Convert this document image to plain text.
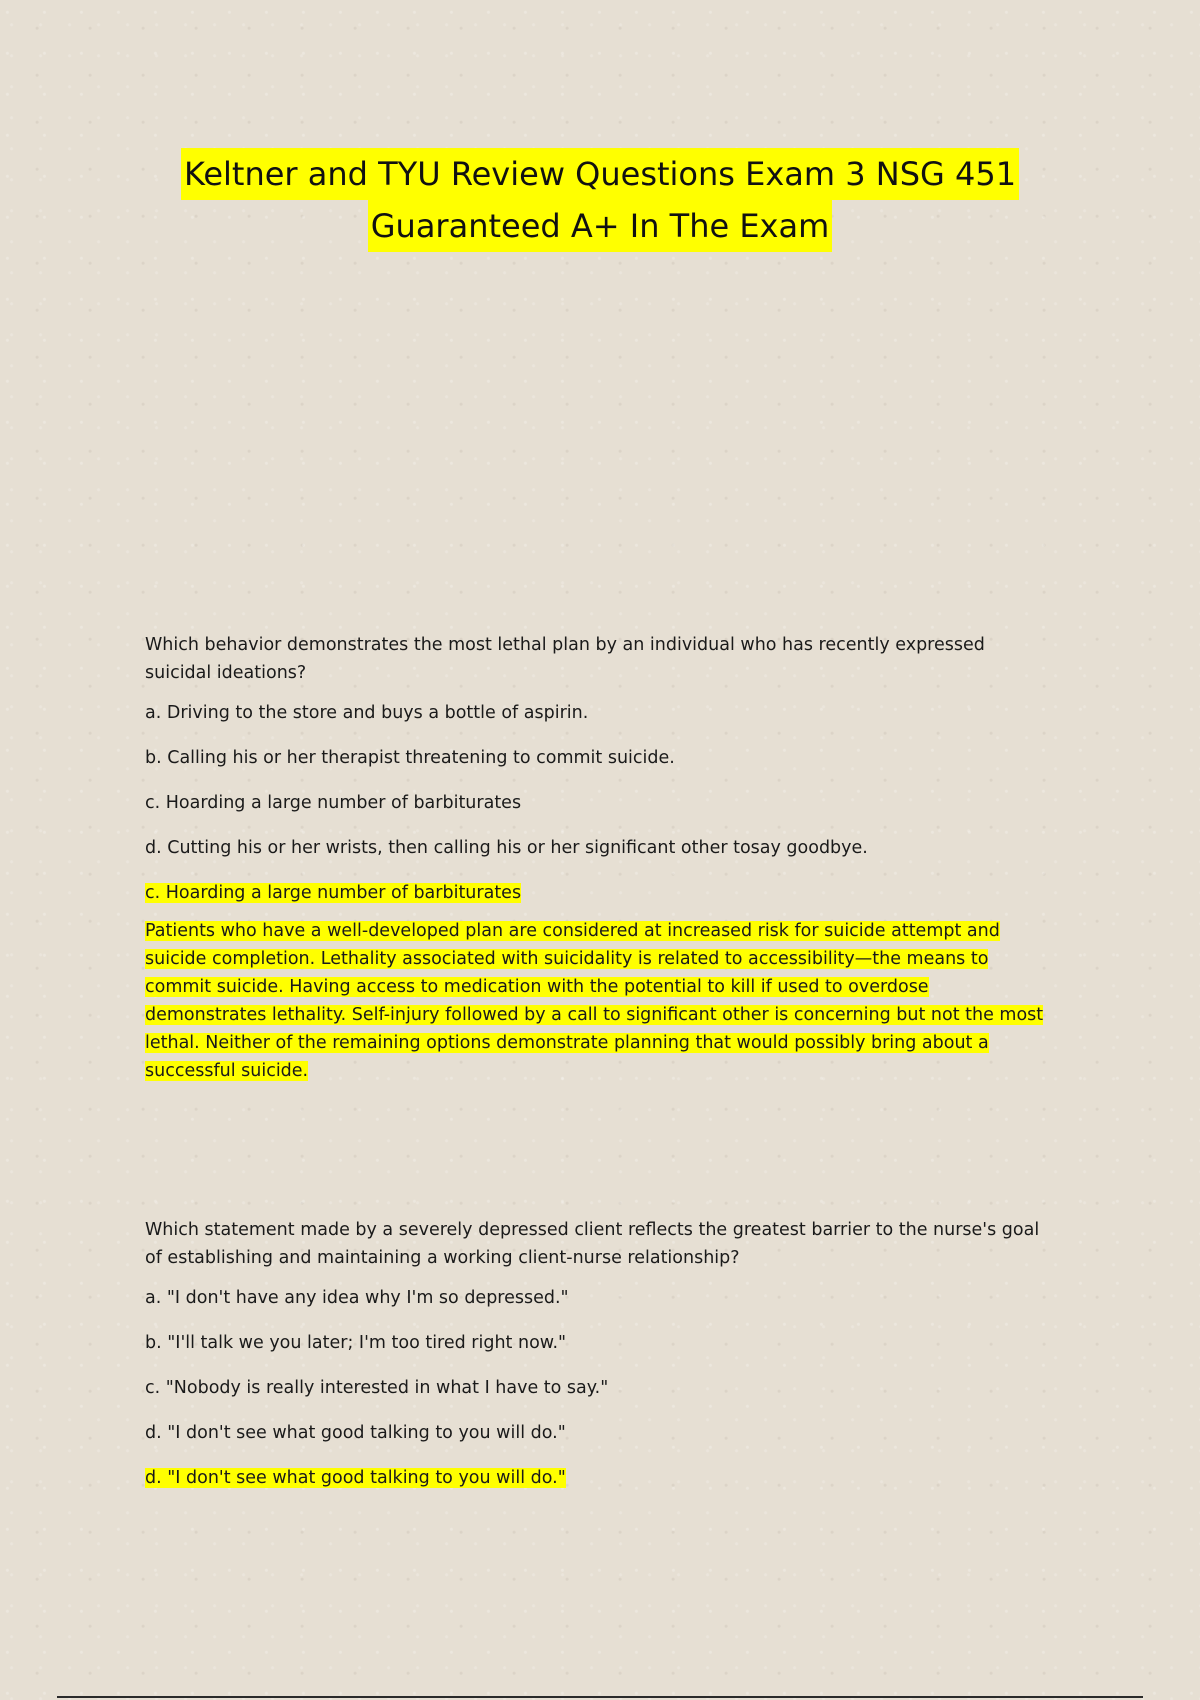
Keltner and TYU Review Questions Exam 3 NSG 451
Guaranteed A+ In The Exam

Which behavior demonstrates the most lethal plan by an individual who has recently expressed suicidal ideations?

a. Driving to the store and buys a bottle of aspirin.

b. Calling his or her therapist threatening to commit suicide.

c. Hoarding a large number of barbiturates

d. Cutting his or her wrists, then calling his or her significant other tosay goodbye.

c. Hoarding a large number of barbiturates

Patients who have a well-developed plan are considered at increased risk for suicide attempt and suicide completion. Lethality associated with suicidality is related to accessibility—the means to commit suicide. Having access to medication with the potential to kill if used to overdose demonstrates lethality. Self-injury followed by a call to significant other is concerning but not the most lethal. Neither of the remaining options demonstrate planning that would possibly bring about a successful suicide.

Which statement made by a severely depressed client reflects the greatest barrier to the nurse's goal of establishing and maintaining a working client-nurse relationship?

a. "I don't have any idea why I'm so depressed."

b. "I'll talk we you later; I'm too tired right now."

c. "Nobody is really interested in what I have to say."

d. "I don't see what good talking to you will do."

d. "I don't see what good talking to you will do."
